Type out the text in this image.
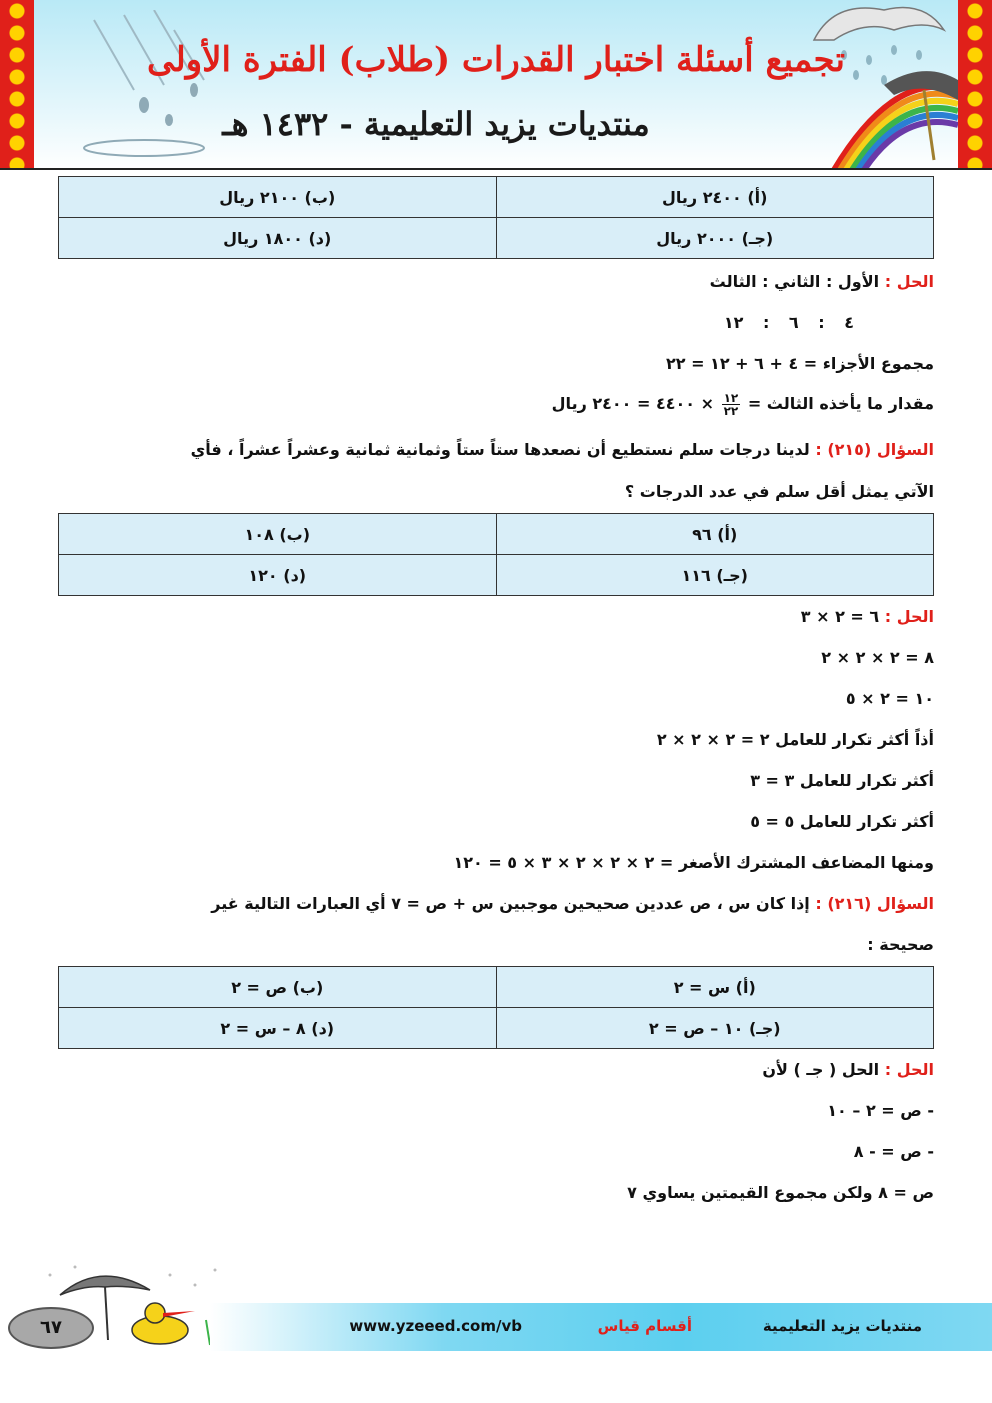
تجميع أسئلة اختبار القدرات (طلاب) الفترة الأولى
منتديات يزيد التعليمية - ١٤٣٢ هـ
(أ) ٢٤٠٠ ريال	(ب) ٢١٠٠ ريال
(جـ) ٢٠٠٠ ريال	(د) ١٨٠٠ ريال
الحل : الأول : الثاني : الثالث
٤ : ٦ : ١٢
مجموع الأجزاء = ٤ + ٦ + ١٢ = ٢٢
مقدار ما يأخذه الثالث =
$\frac{١٢}{٢٢}$
× ٤٤٠٠ = ٢٤٠٠ ريال
السؤال (٢١٥) : لدينا درجات سلم نستطيع أن نصعدها ستاً ستاً وثمانية ثمانية وعشراً عشراً ، فأي
الآتي يمثل أقل سلم في عدد الدرجات ؟
(أ) ٩٦	(ب) ١٠٨
(جـ) ١١٦	(د) ١٢٠
الحل : ٦ = ٢ × ٣
٨ = ٢ × ٢ × ٢
١٠ = ٢ × ٥
أذاً أكثر تكرار للعامل ٢ = ٢ × ٢ × ٢
أكثر تكرار للعامل ٣ = ٣
أكثر تكرار للعامل ٥ = ٥
ومنها المضاعف المشترك الأصغر = ٢ × ٢ × ٢ × ٣ × ٥ = ١٢٠
السؤال (٢١٦) : إذا كان س ، ص عددين صحيحين موجبين س + ص = ٧ أي العبارات التالية غير
صحيحة :
(أ) س = ٢	(ب) ص = ٢
(جـ) ١٠ – ص = ٢	(د) ٨ – س = ٢
الحل : الحل ( جـ ) لأن
- ص = ٢ – ١٠
- ص = - ٨
ص = ٨ ولكن مجموع القيمتين يساوي ٧
منتديات يزيد التعليمية
أقسام قياس
www.yzeeed.com/vb
٦٧
